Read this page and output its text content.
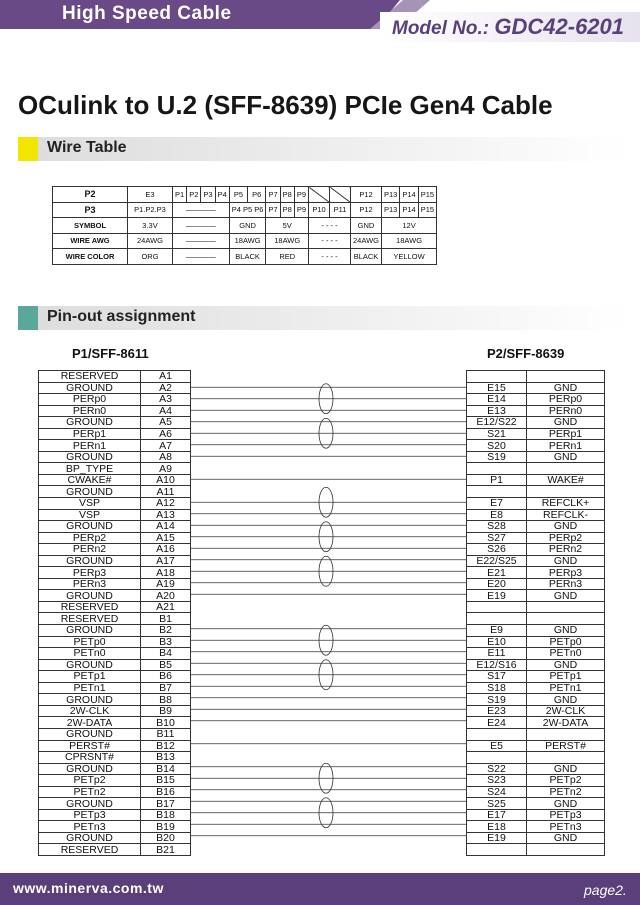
High Speed Cable
Model No.: GDC42-6201
OCulink to U.2 (SFF-8639) PCIe Gen4 Cable
Wire Table
P2	E3	P1	P2	P3	P4	P5	P6	P7	P8	P9			P12	P13	P14	P15
P3	P1.P2.P3	————				P4 P5 P6		P7	P8	P9	P10	P11	P12	P13	P14	P15
SYMBOL	3.3V	————				GND		5V			- - - -		GND	12V		
WIRE AWG	24AWG	————				18AWG		18AWG			- - - -		24AWG	18AWG		
WIRE COLOR	ORG	————				BLACK		RED			- - - -		BLACK	YELLOW		
Pin-out assignment
P1/SFF-8611	P2/SFF-8639
RESERVED	A1
GROUND	A2
PERp0	A3
PERn0	A4
GROUND	A5
PERp1	A6
PERn1	A7
GROUND	A8
BP_TYPE	A9
CWAKE#	A10
GROUND	A11
VSP	A12
VSP	A13
GROUND	A14
PERp2	A15
PERn2	A16
GROUND	A17
PERp3	A18
PERn3	A19
GROUND	A20
RESERVED	A21
RESERVED	B1
GROUND	B2
PETp0	B3
PETn0	B4
GROUND	B5
PETp1	B6
PETn1	B7
GROUND	B8
2W-CLK	B9
2W-DATA	B10
GROUND	B11
PERST#	B12
CPRSNT#	B13
GROUND	B14
PETp2	B15
PETn2	B16
GROUND	B17
PETp3	B18
PETn3	B19
GROUND	B20
RESERVED	B21

E15	GND
E14	PERp0
E13	PERn0
E12/S22	GND
S21	PERp1
S20	PERn1
S19	GND

P1	WAKE#

E7	REFCLK+
E8	REFCLK-
S28	GND
S27	PERp2
S26	PERn2
E22/S25	GND
E21	PERp3
E20	PERn3
E19	GND

E9	GND
E10	PETp0
E11	PETn0
E12/S16	GND
S17	PETp1
S18	PETn1
S19	GND
E23	2W-CLK
E24	2W-DATA

E5	PERST#

S22	GND
S23	PETp2
S24	PETn2
S25	GND
E17	PETp3
E18	PETn3
E19	GND

www.minerva.com.tw	page2.
